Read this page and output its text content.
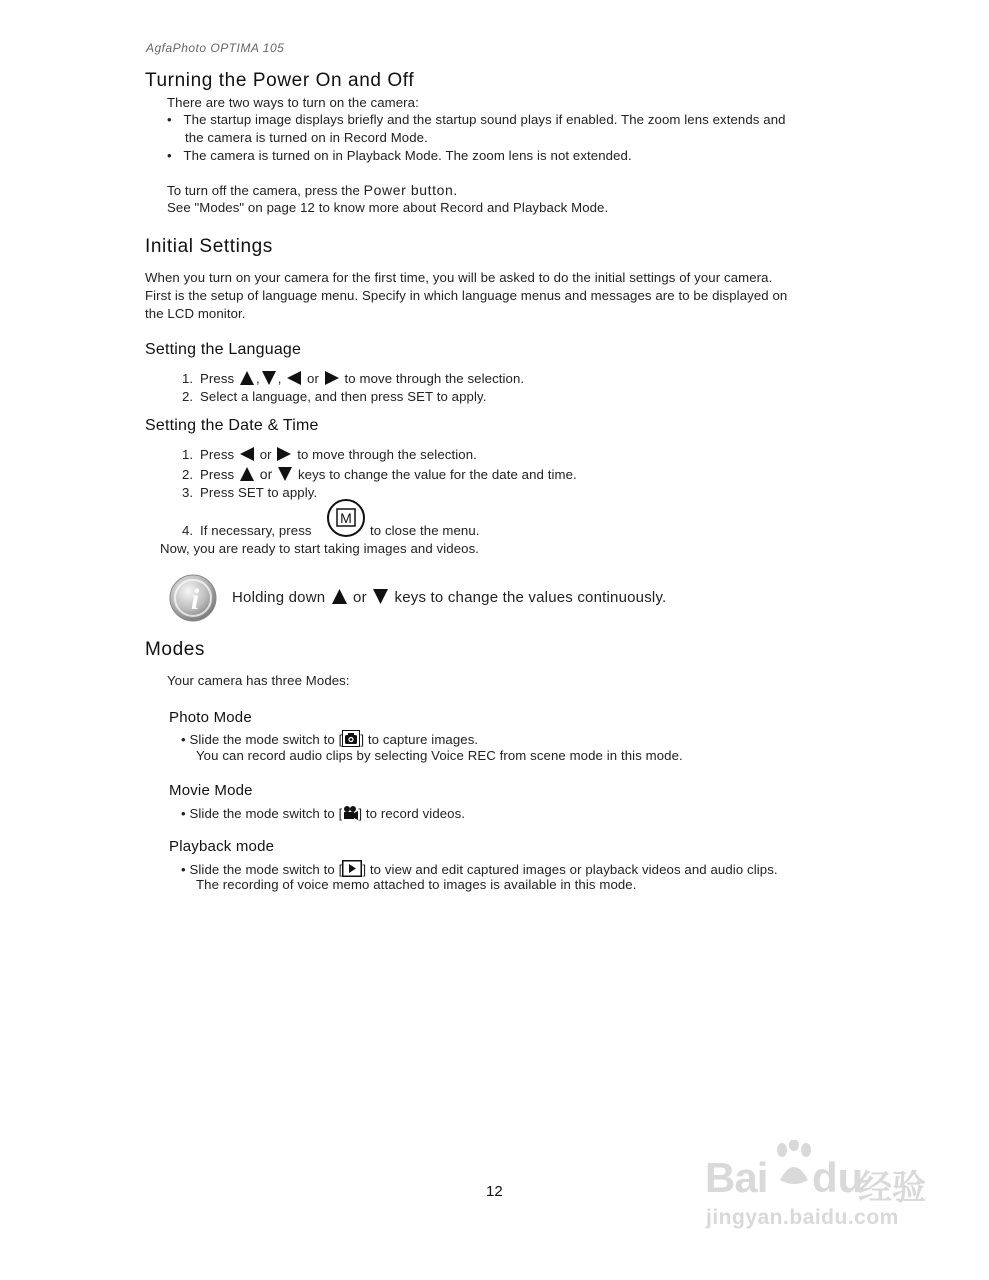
AgfaPhoto OPTIMA 105
Turning the Power On and Off
There are two ways to turn on the camera:
• The startup image displays briefly and the startup sound plays if enabled. The zoom lens extends and
the camera is turned on in Record Mode.
• The camera is turned on in Playback Mode. The zoom lens is not extended.
To turn off the camera, press the Power button.
See "Modes" on page 12 to know more about Record and Playback Mode.
Initial Settings
When you turn on your camera for the first time, you will be asked to do the initial settings of your camera.
First is the setup of language menu. Specify in which language menus and messages are to be displayed on
the LCD monitor.
Setting the Language
1. Press , ,  or to move through the selection.
2. Select a language, and then press SET to apply.
Setting the Date & Time
1. Press or to move through the selection.
2. Press or keys to change the value for the date and time.
3. Press SET to apply.
4. If necessary, press
M
to close the menu.
Now, you are ready to start taking images and videos.
i Holding down or keys to change the values continuously.
Modes
Your camera has three Modes:
Photo Mode
• Slide the mode switch to [ ] to capture images.
You can record audio clips by selecting Voice REC from scene mode in this mode.
Movie Mode
• Slide the mode switch to [ ] to record videos.
Playback mode
• Slide the mode switch to [ ] to view and edit captured images or playback videos and audio clips.
The recording of voice memo attached to images is available in this mode.
12	Bai du
经验
jingyan.baidu.com
